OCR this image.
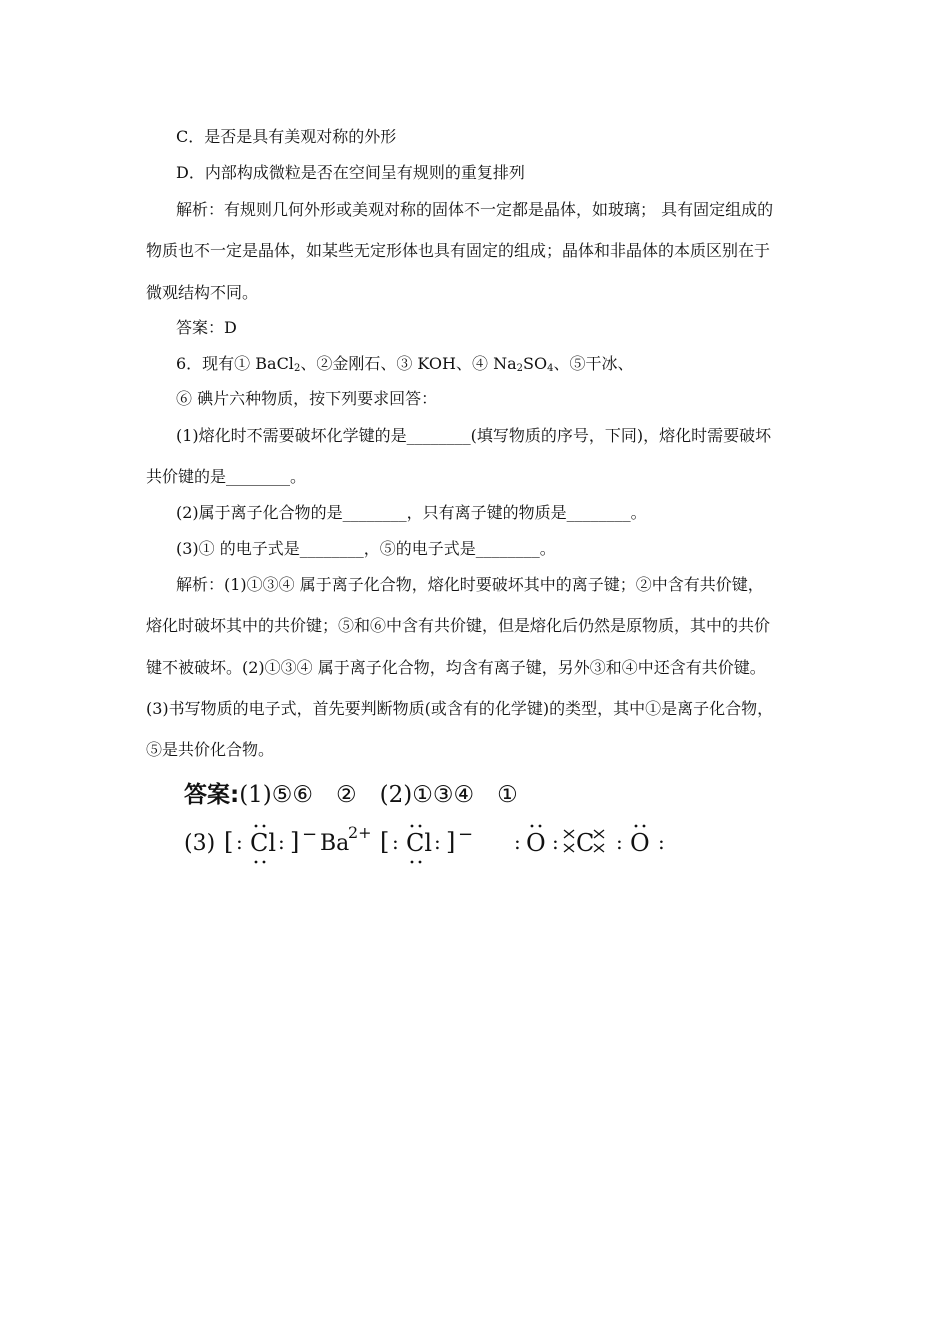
C．是否是具有美观对称的外形
D．内部构成微粒是否在空间呈有规则的重复排列
解析：有规则几何外形或美观对称的固体不一定都是晶体，如玻璃； 具有固定组成的
物质也不一定是晶体，如某些无定形体也具有固定的组成；晶体和非晶体的本质区别在于
微观结构不同。
答案：D
6．现有① BaCl$_2$、②金刚石、③ KOH、④ $Na_2SO_4$、⑤干冰、
⑥ 碘片六种物质，按下列要求回答：
(1)熔化时不需要破坏化学键的是________(填写物质的序号，下同)，熔化时需要破坏
共价键的是________。
(2)属于离子化合物的是________，只有离子键的物质是________。
(3)① 的电子式是________，⑤的电子式是________。
解析：(1)①③④ 属于离子化合物，熔化时要破坏其中的离子键；②中含有共价键，
熔化时破坏其中的共价键；⑤和⑥中含有共价键，但是熔化后仍然是原物质，其中的共价
键不被破坏。(2)①③④ 属于离子化合物，均含有离子键，另外③和④中还含有共价键。
(3)书写物质的电子式，首先要判断物质(或含有的化学键)的类型，其中①是离子化合物，
⑤是共价化合物。
答案:(1)⑤⑥　②　(2)①③④　①
(3) [ : Cl : ] − Ba
2+ [ : Cl : ] − : O : C : O :
